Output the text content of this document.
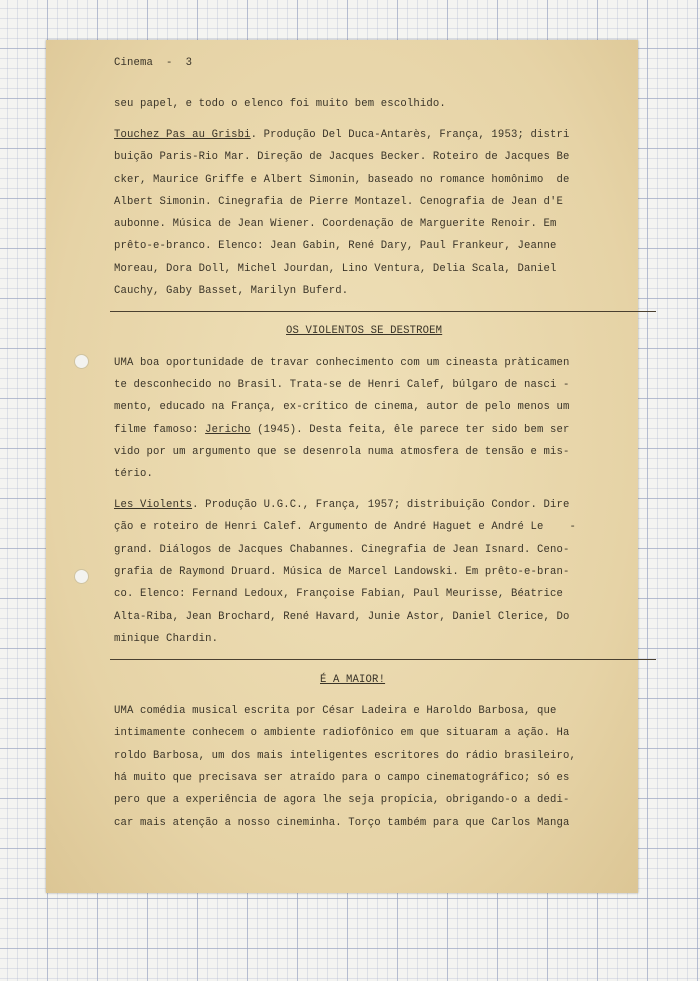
Cinema  -  3
seu papel, e todo o elenco foi muito bem escolhido.
Touchez Pas au Grisbi. Produção Del Duca-Antarès, França, 1953; distri
buição Paris-Rio Mar. Direção de Jacques Becker. Roteiro de Jacques Be
cker, Maurice Griffe e Albert Simonin, baseado no romance homônimo  de
Albert Simonin. Cinegrafia de Pierre Montazel. Cenografia de Jean d'E
aubonne. Música de Jean Wiener. Coordenação de Marguerite Renoir. Em
prêto-e-branco. Elenco: Jean Gabin, René Dary, Paul Frankeur, Jeanne
Moreau, Dora Doll, Michel Jourdan, Lino Ventura, Delia Scala, Daniel
Cauchy, Gaby Basset, Marilyn Buferd.
OS VIOLENTOS SE DESTROEM
UMA boa oportunidade de travar conhecimento com um cineasta pràticamen
te desconhecido no Brasil. Trata-se de Henri Calef, búlgaro de nasci -
mento, educado na França, ex-crítico de cinema, autor de pelo menos um
filme famoso: Jericho (1945). Desta feita, êle parece ter sido bem ser
vido por um argumento que se desenrola numa atmosfera de tensão e mis-
tério.
Les Violents. Produção U.G.C., França, 1957; distribuição Condor. Dire
ção e roteiro de Henri Calef. Argumento de André Haguet e André Le    -
grand. Diálogos de Jacques Chabannes. Cinegrafia de Jean Isnard. Ceno-
grafia de Raymond Druard. Música de Marcel Landowski. Em prêto-e-bran-
co. Elenco: Fernand Ledoux, Françoise Fabian, Paul Meurisse, Béatrice
Alta-Riba, Jean Brochard, René Havard, Junie Astor, Daniel Clerice, Do
minique Chardin.
É A MAIOR!
UMA comédia musical escrita por César Ladeira e Haroldo Barbosa, que
intimamente conhecem o ambiente radiofônico em que situaram a ação. Ha
roldo Barbosa, um dos mais inteligentes escritores do rádio brasileiro,
há muito que precisava ser atraído para o campo cinematográfico; só es
pero que a experiência de agora lhe seja propícia, obrigando-o a dedi-
car mais atenção a nosso cineminha. Torço também para que Carlos Manga
